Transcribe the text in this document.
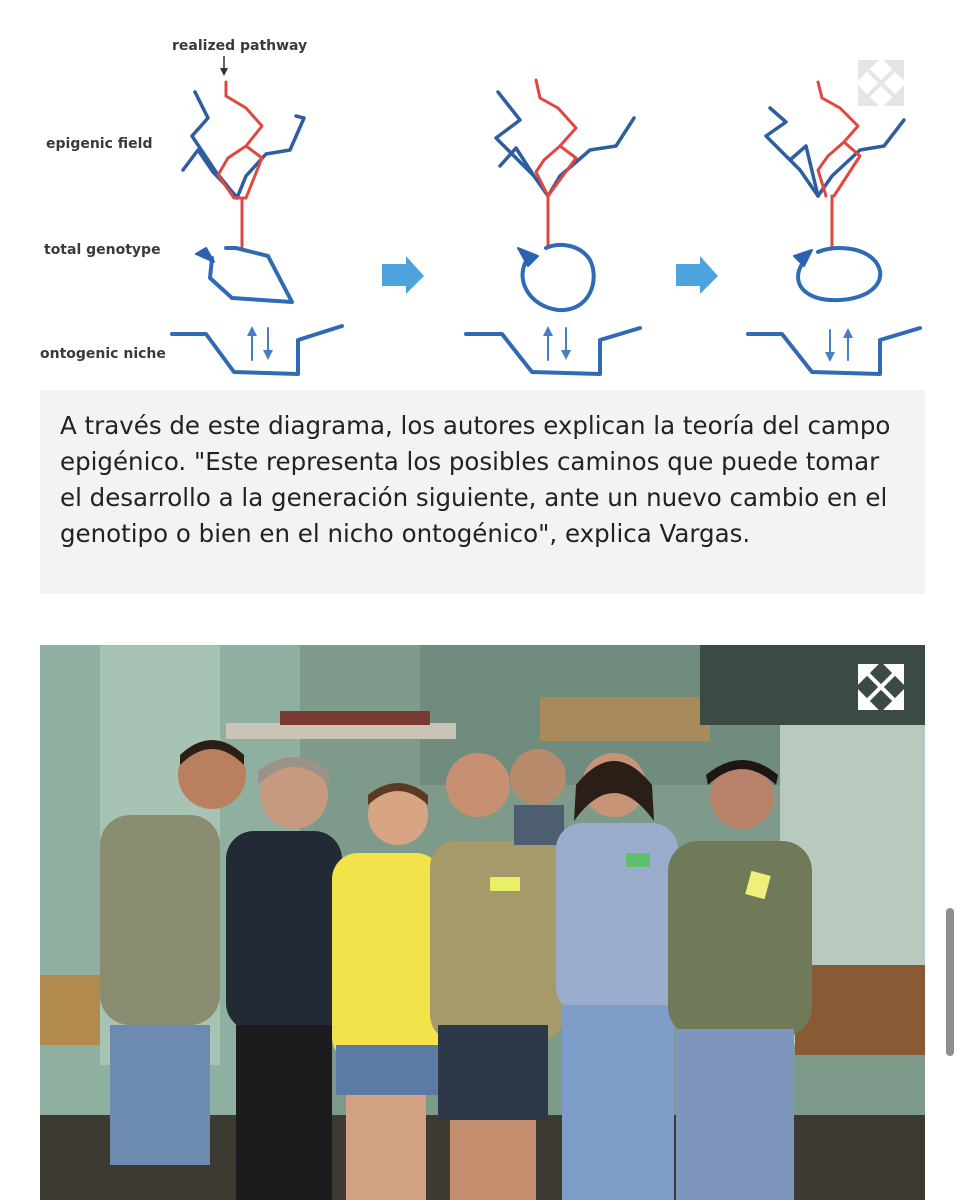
realized pathway
epigenic field
total genotype
ontogenic niche

A través de este diagrama, los autores explican la teoría del campo epigénico. "Este representa los posibles caminos que puede tomar el desarrollo a la generación siguiente, ante un nuevo cambio en el genotipo o bien en el nicho ontogénico", explica Vargas.
